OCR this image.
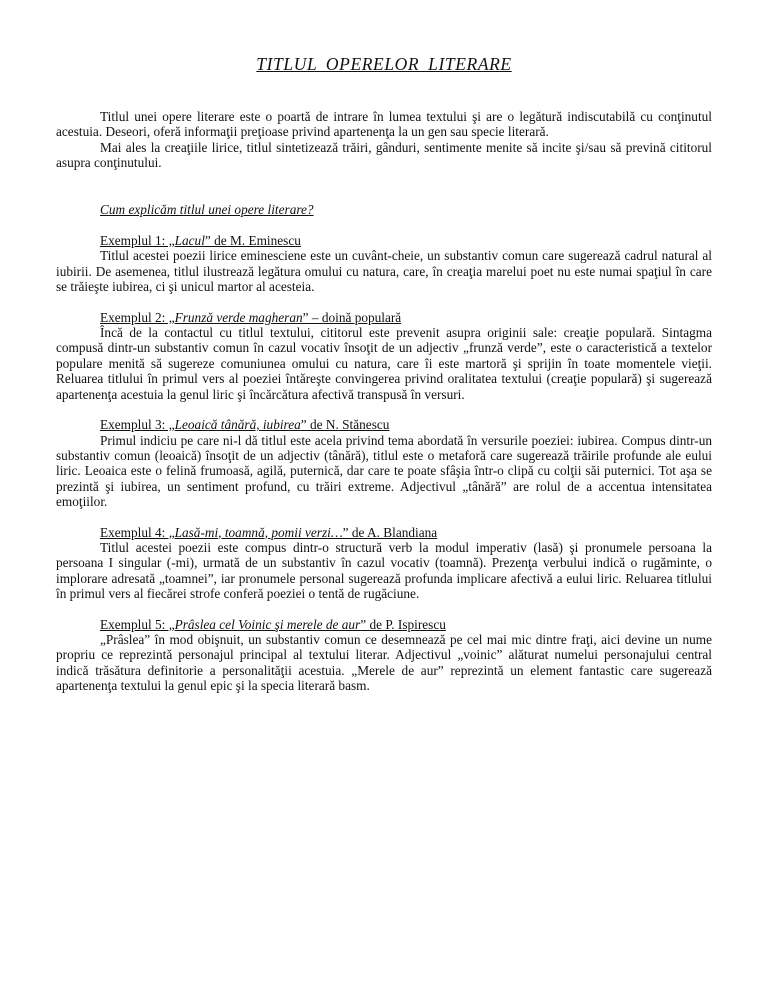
TITLUL OPERELOR LITERARE

Titlul unei opere literare este o poartă de intrare în lumea textului şi are o legătură indiscutabilă cu conţinutul acestuia. Deseori, oferă informaţii preţioase privind apartenenţa la un gen sau specie literară.

Mai ales la creaţiile lirice, titlul sintetizează trăiri, gânduri, sentimente menite să incite şi/sau să prevină cititorul asupra conţinutului.

Cum explicăm titlul unei opere literare?

Exemplul 1: „Lacul” de M. Eminescu

Titlul acestei poezii lirice eminesciene este un cuvânt-cheie, un substantiv comun care sugerează cadrul natural al iubirii. De asemenea, titlul ilustrează legătura omului cu natura, care, în creaţia marelui poet nu este numai spaţiul în care se trăieşte iubirea, ci şi unicul martor al acesteia.

Exemplul 2: „Frunză verde magheran” – doină populară

Încă de la contactul cu titlul textului, cititorul este prevenit asupra originii sale: creaţie populară. Sintagma compusă dintr-un substantiv comun în cazul vocativ însoţit de un adjectiv „frunză verde”, este o caracteristică a textelor populare menită să sugereze comuniunea omului cu natura, care îi este martoră şi sprijin în toate momentele vieţii. Reluarea titlului în primul vers al poeziei întăreşte convingerea privind oralitatea textului (creaţie populară) şi sugerează apartenenţa acestuia la genul liric şi încărcătura afectivă transpusă în versuri.

Exemplul 3: „Leoaică tânără, iubirea” de N. Stănescu

Primul indiciu pe care ni-l dă titlul este acela privind tema abordată în versurile poeziei: iubirea. Compus dintr-un substantiv comun (leoaică) însoţit de un adjectiv (tânără), titlul este o metaforă care sugerează trăirile profunde ale eului liric. Leoaica este o felină frumoasă, agilă, puternică, dar care te poate sfâşia într-o clipă cu colţii săi puternici. Tot aşa se prezintă şi iubirea, un sentiment profund, cu trăiri extreme. Adjectivul „tânără” are rolul de a accentua intensitatea emoţiilor.

Exemplul 4: „Lasă-mi, toamnă, pomii verzi…” de A. Blandiana

Titlul acestei poezii este compus dintr-o structură verb la modul imperativ (lasă) şi pronumele persoana la persoana I singular (-mi), urmată de un substantiv în cazul vocativ (toamnă). Prezenţa verbului indică o rugăminte, o implorare adresată „toamnei”, iar pronumele personal sugerează profunda implicare afectivă a eului liric. Reluarea titlului în primul vers al fiecărei strofe conferă poeziei o tentă de rugăciune.

Exemplul 5: „Prâslea cel Voinic şi merele de aur” de P. Ispirescu

„Prâslea” în mod obişnuit, un substantiv comun ce desemnează pe cel mai mic dintre fraţi, aici devine un nume propriu ce reprezintă personajul principal al textului literar. Adjectivul „voinic” alăturat numelui personajului central indică trăsătura definitorie a personalităţii acestuia. „Merele de aur” reprezintă un element fantastic care sugerează apartenenţa textului la genul epic şi la specia literară basm.
